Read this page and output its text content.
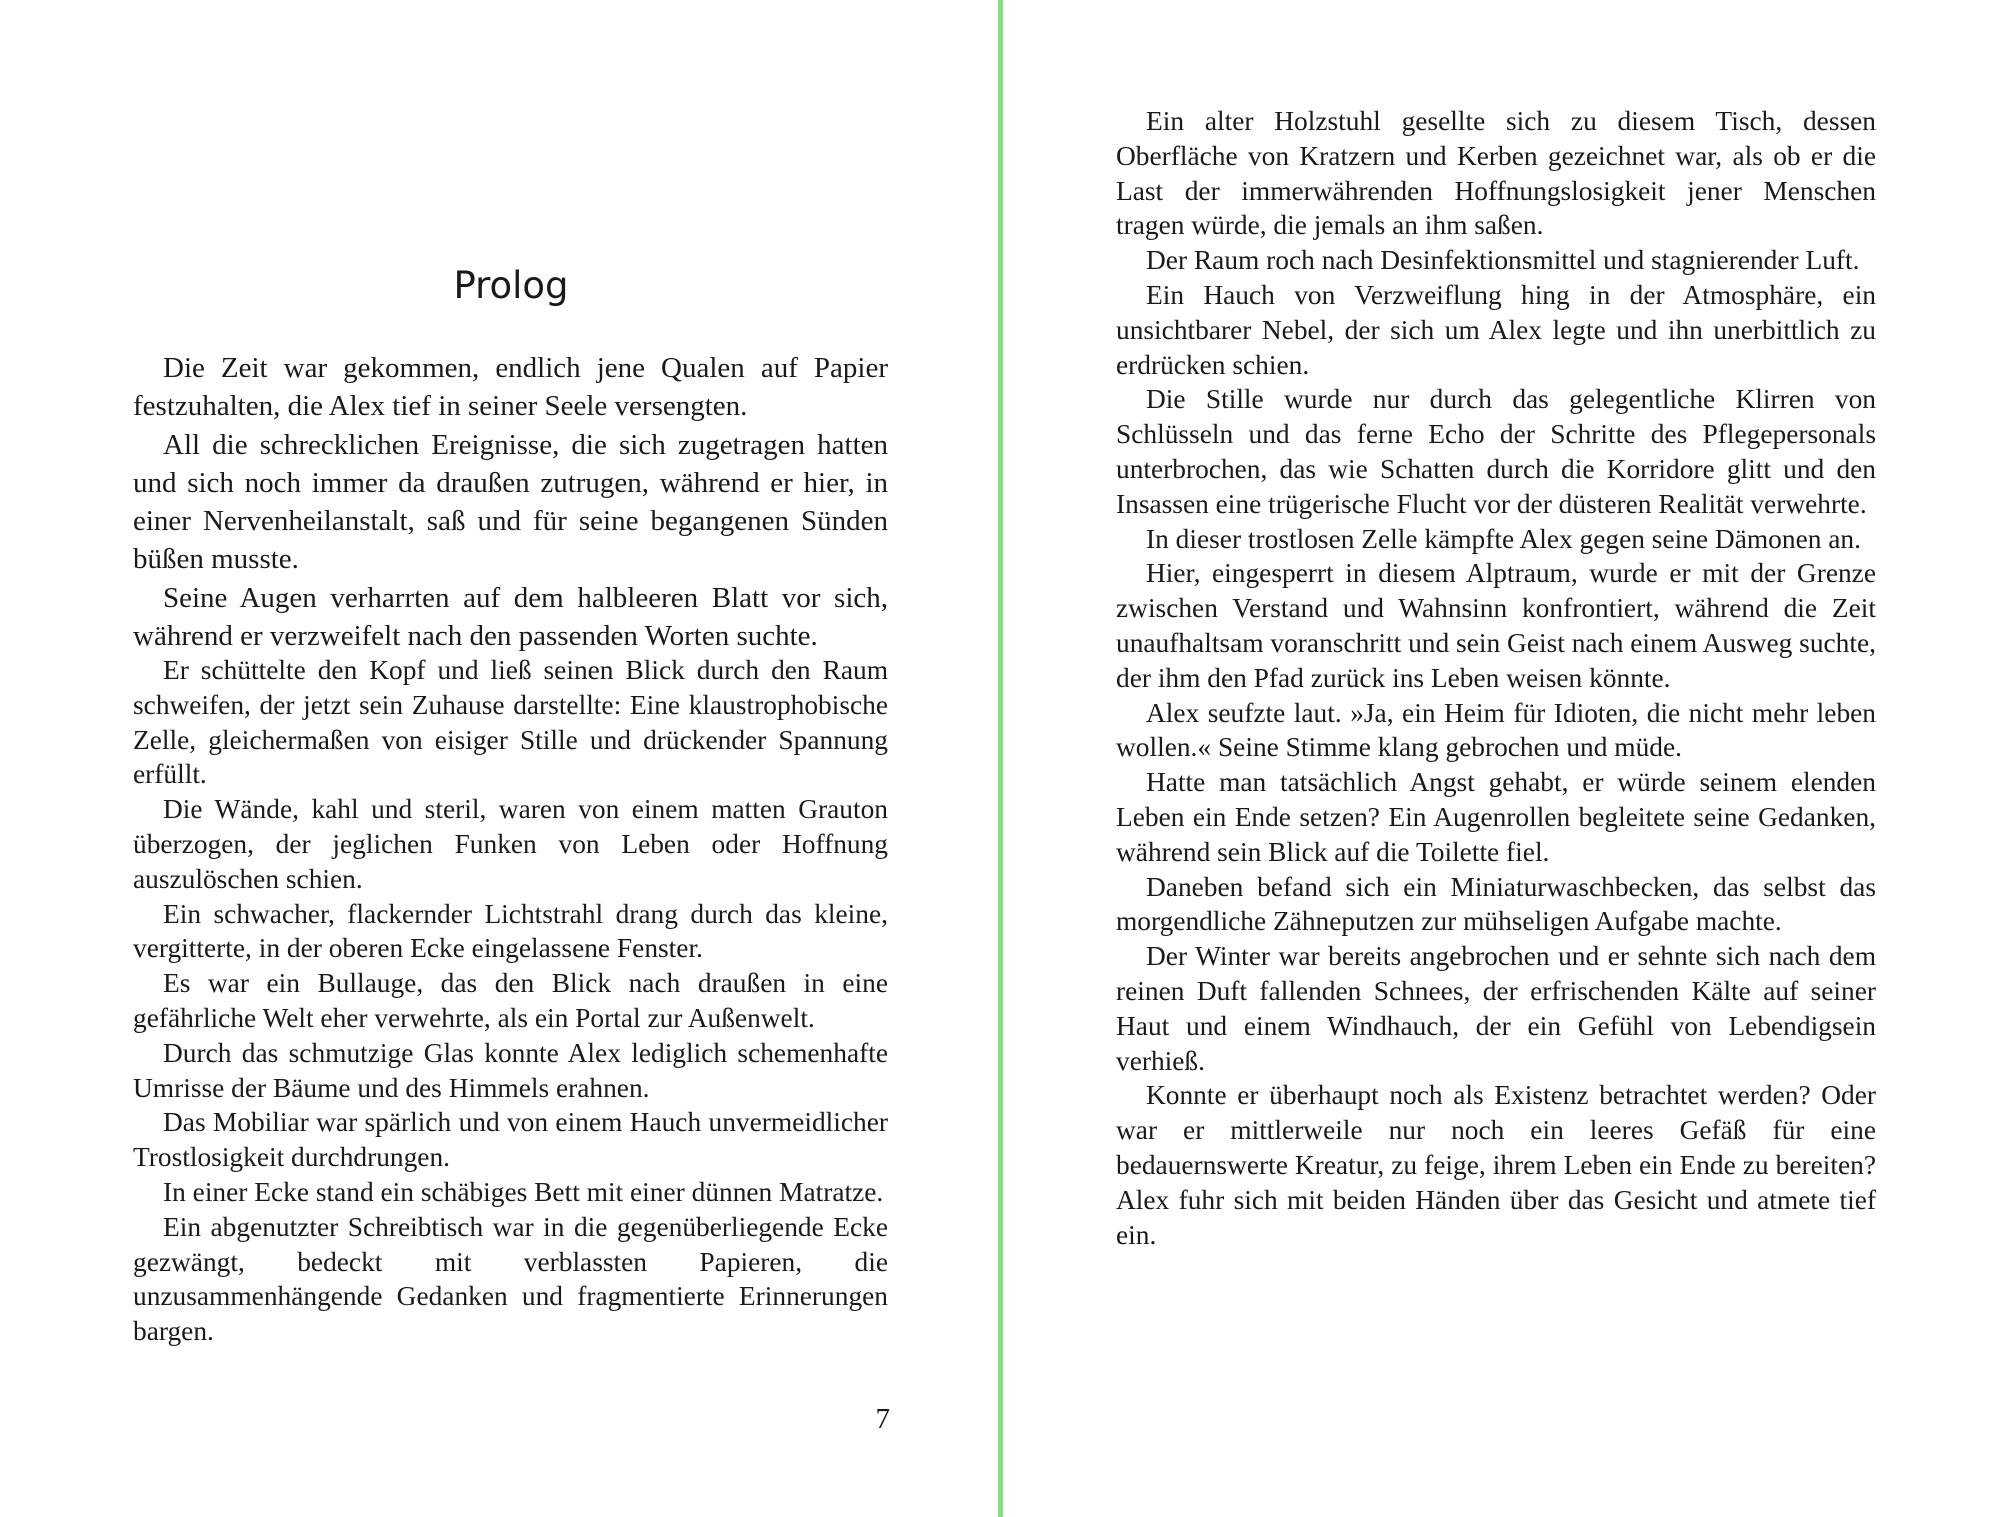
Prolog

Die Zeit war gekommen, endlich jene Qualen auf Papier festzuhalten, die Alex tief in seiner Seele versengten.

All die schrecklichen Ereignisse, die sich zugetragen hatten und sich noch immer da draußen zutrugen, während er hier, in einer Nervenheilanstalt, saß und für seine begangenen Sünden büßen musste.

Seine Augen verharrten auf dem halbleeren Blatt vor sich, während er verzweifelt nach den passenden Worten suchte.

Er schüttelte den Kopf und ließ seinen Blick durch den Raum schweifen, der jetzt sein Zuhause darstellte: Eine klaustrophobische Zelle, gleichermaßen von eisiger Stille und drückender Spannung erfüllt.

Die Wände, kahl und steril, waren von einem matten Grauton überzogen, der jeglichen Funken von Leben oder Hoffnung auszulöschen schien.

Ein schwacher, flackernder Lichtstrahl drang durch das kleine, vergitterte, in der oberen Ecke eingelassene Fenster.

Es war ein Bullauge, das den Blick nach draußen in eine gefährliche Welt eher verwehrte, als ein Portal zur Außenwelt.

Durch das schmutzige Glas konnte Alex lediglich schemenhafte Umrisse der Bäume und des Himmels erahnen.

Das Mobiliar war spärlich und von einem Hauch unvermeidlicher Trostlosigkeit durchdrungen.

In einer Ecke stand ein schäbiges Bett mit einer dünnen Matratze.

Ein abgenutzter Schreibtisch war in die gegenüberliegende Ecke gezwängt, bedeckt mit verblassten Papieren, die unzusammenhängende Gedanken und fragmentierte Erinnerungen bargen.

7

Ein alter Holzstuhl gesellte sich zu diesem Tisch, dessen Oberfläche von Kratzern und Kerben gezeichnet war, als ob er die Last der immerwährenden Hoffnungslosigkeit jener Menschen tragen würde, die jemals an ihm saßen.

Der Raum roch nach Desinfektionsmittel und stagnierender Luft.

Ein Hauch von Verzweiflung hing in der Atmosphäre, ein unsichtbarer Nebel, der sich um Alex legte und ihn unerbittlich zu erdrücken schien.

Die Stille wurde nur durch das gelegentliche Klirren von Schlüsseln und das ferne Echo der Schritte des Pflegepersonals unterbrochen, das wie Schatten durch die Korridore glitt und den Insassen eine trügerische Flucht vor der düsteren Realität verwehrte.

In dieser trostlosen Zelle kämpfte Alex gegen seine Dämonen an.

Hier, eingesperrt in diesem Alptraum, wurde er mit der Grenze zwischen Verstand und Wahnsinn konfrontiert, während die Zeit unaufhaltsam voranschritt und sein Geist nach einem Ausweg suchte, der ihm den Pfad zurück ins Leben weisen könnte.

Alex seufzte laut. »Ja, ein Heim für Idioten, die nicht mehr leben wollen.« Seine Stimme klang gebrochen und müde.

Hatte man tatsächlich Angst gehabt, er würde seinem elenden Leben ein Ende setzen? Ein Augenrollen begleitete seine Gedanken, während sein Blick auf die Toilette fiel.

Daneben befand sich ein Miniaturwaschbecken, das selbst das morgendliche Zähneputzen zur mühseligen Aufgabe machte.

Der Winter war bereits angebrochen und er sehnte sich nach dem reinen Duft fallenden Schnees, der erfrischenden Kälte auf seiner Haut und einem Windhauch, der ein Gefühl von Lebendigsein verhieß.

Konnte er überhaupt noch als Existenz betrachtet werden? Oder war er mittlerweile nur noch ein leeres Gefäß für eine bedauernswerte Kreatur, zu feige, ihrem Leben ein Ende zu bereiten? Alex fuhr sich mit beiden Händen über das Gesicht und atmete tief ein.
